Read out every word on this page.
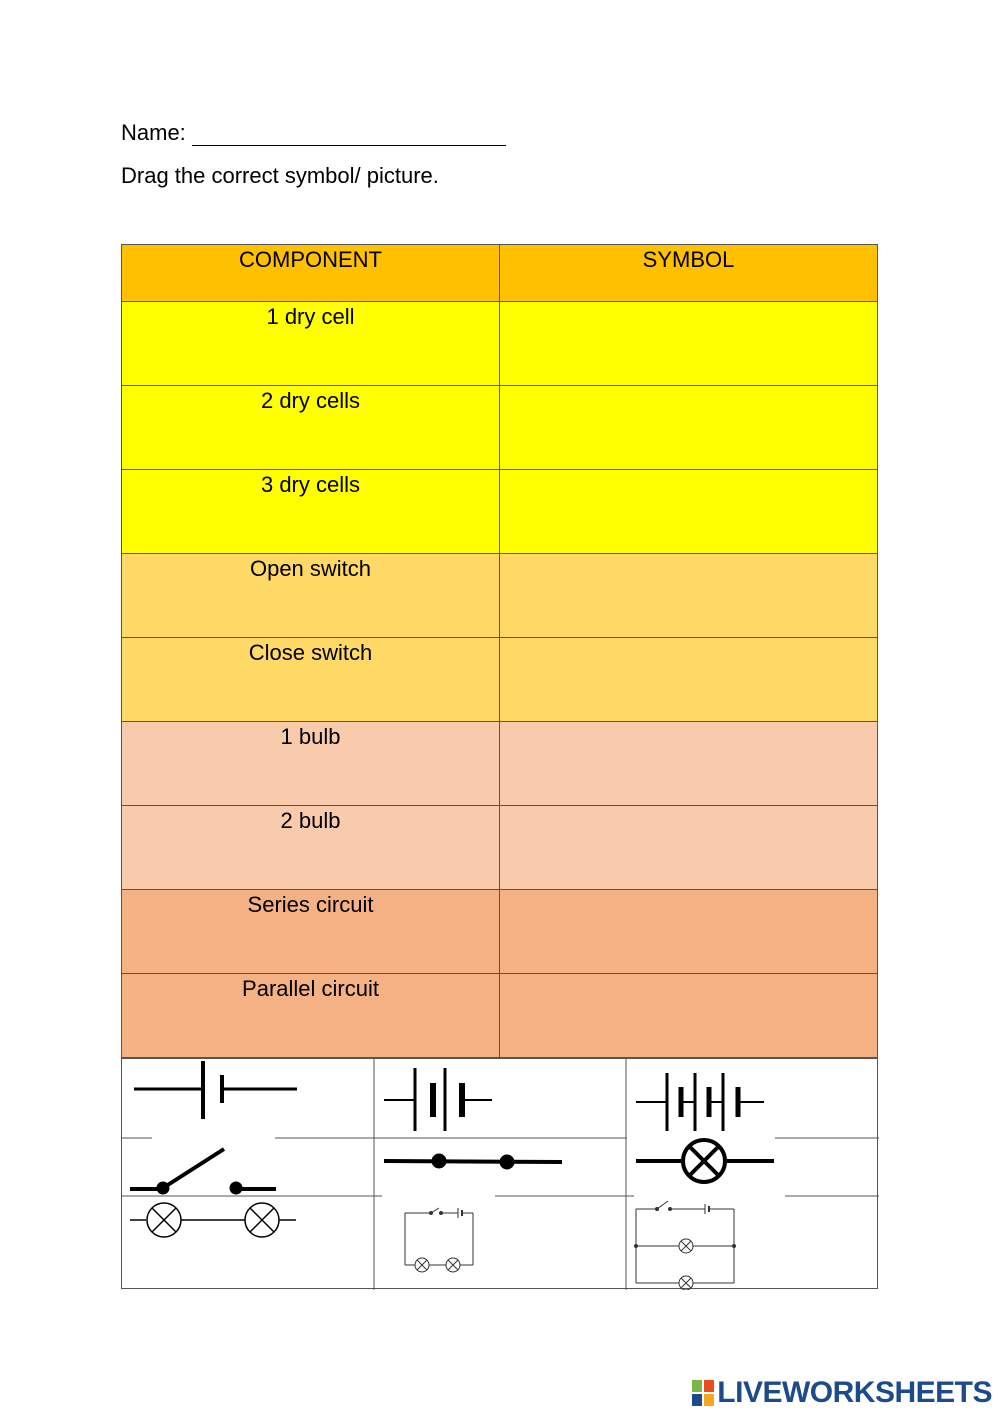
Name:
Drag the correct symbol/ picture.
COMPONENT	SYMBOL
1 dry cell	
2 dry cells	
3 dry cells	
Open switch	
Close switch	
1 bulb	
2 bulb	
Series circuit	
Parallel circuit	
LIVEWORKSHEETS
